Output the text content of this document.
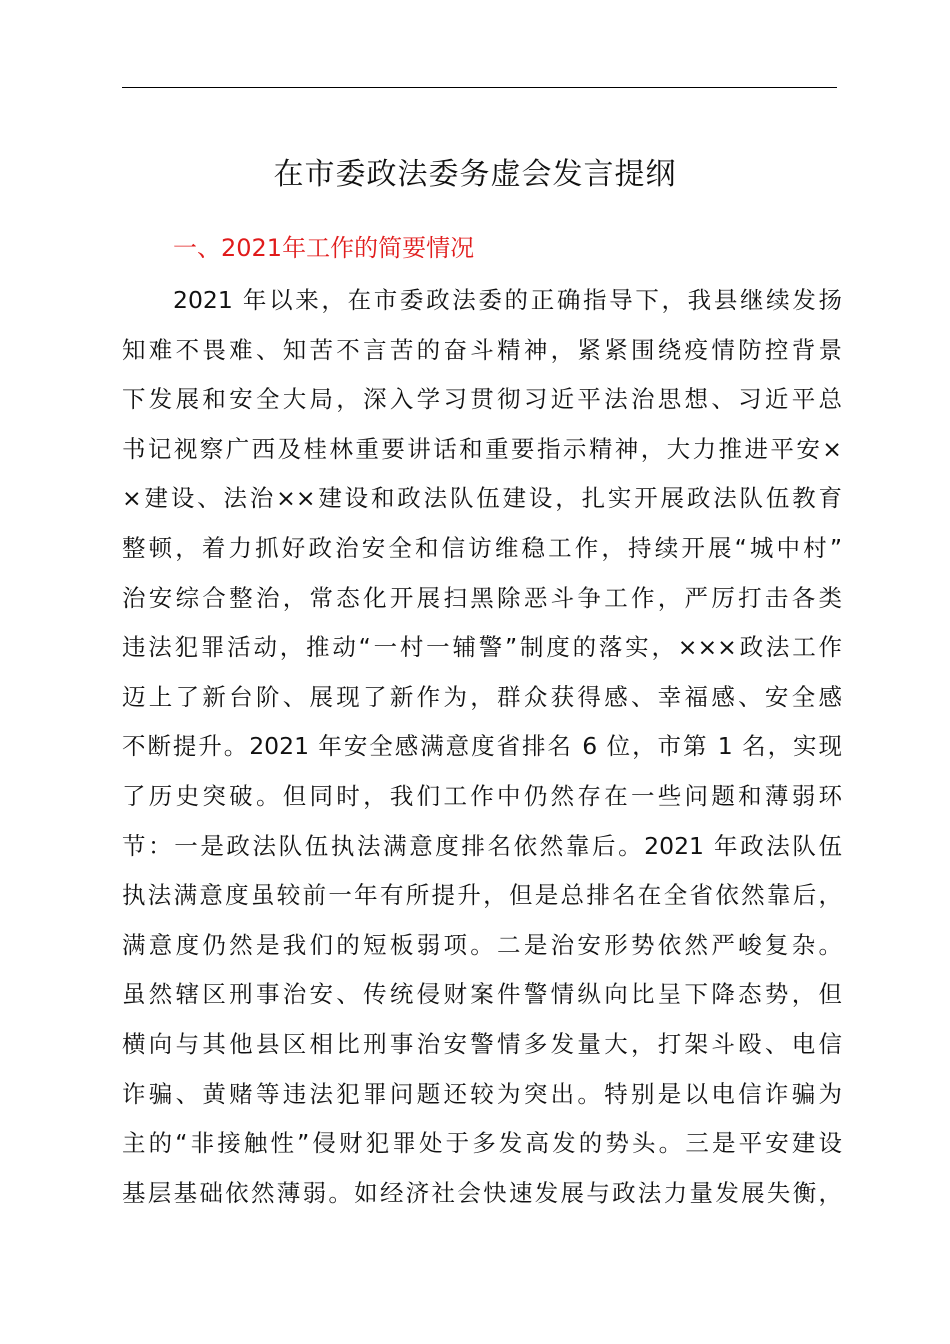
在市委政法委务虚会发言提纲
一、2021年工作的简要情况
2021 年以来，在市委政法委的正确指导下，我县继续发扬
知难不畏难、知苦不言苦的奋斗精神，紧紧围绕疫情防控背景
下发展和安全大局，深入学习贯彻习近平法治思想、习近平总
书记视察广西及桂林重要讲话和重要指示精神，大力推进平安×
×建设、法治××建设和政法队伍建设，扎实开展政法队伍教育
整顿，着力抓好政治安全和信访维稳工作，持续开展“城中村”
治安综合整治，常态化开展扫黑除恶斗争工作，严厉打击各类
违法犯罪活动，推动“一村一辅警”制度的落实，×××政法工作
迈上了新台阶、展现了新作为，群众获得感、幸福感、安全感
不断提升。2021 年安全感满意度省排名 6 位，市第 1 名，实现
了历史突破。但同时，我们工作中仍然存在一些问题和薄弱环
节：一是政法队伍执法满意度排名依然靠后。2021 年政法队伍
执法满意度虽较前一年有所提升，但是总排名在全省依然靠后，
满意度仍然是我们的短板弱项。二是治安形势依然严峻复杂。
虽然辖区刑事治安、传统侵财案件警情纵向比呈下降态势，但
横向与其他县区相比刑事治安警情多发量大，打架斗殴、电信
诈骗、黄赌等违法犯罪问题还较为突出。特别是以电信诈骗为
主的“非接触性”侵财犯罪处于多发高发的势头。三是平安建设
基层基础依然薄弱。如经济社会快速发展与政法力量发展失衡，
